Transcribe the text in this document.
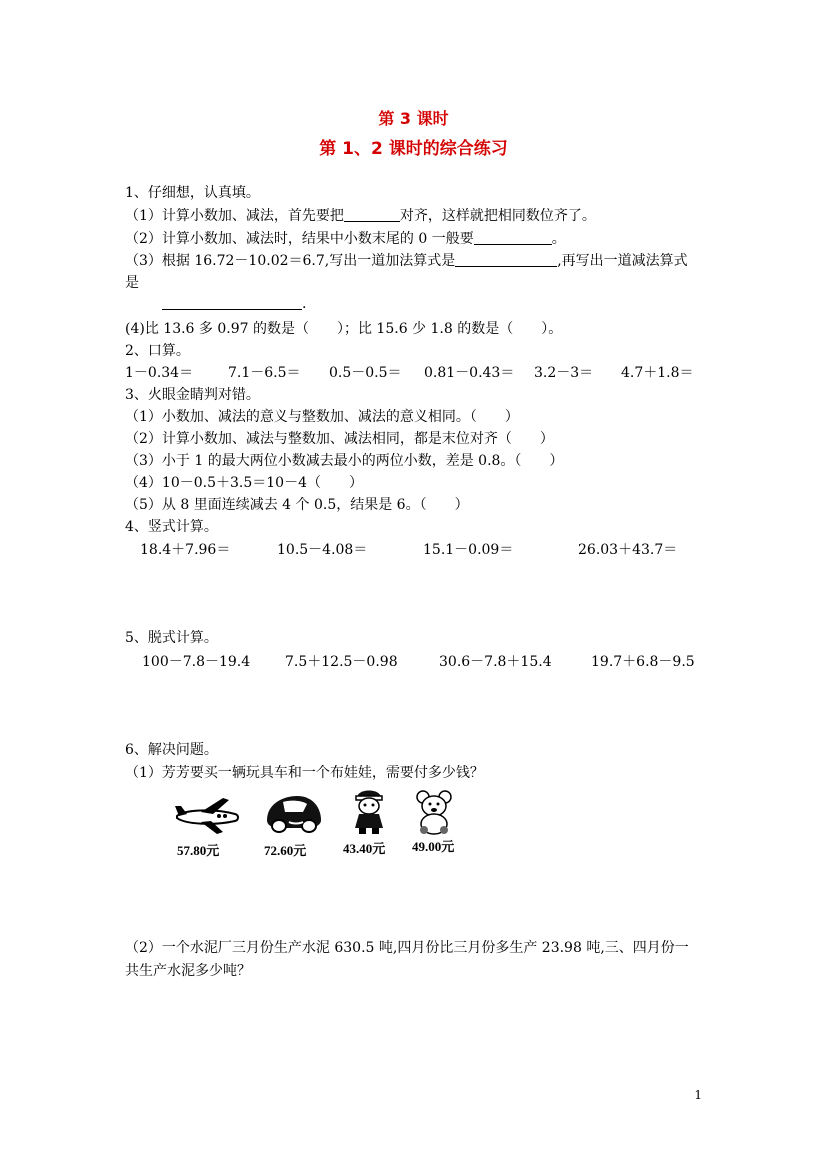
第 3 课时
第 1、2 课时的综合练习
1、仔细想，认真填。
（1）计算小数加、减法，首先要把	对齐，这样就把相同数位齐了。
（2）计算小数加、减法时，结果中小数末尾的 0 一般要	。
（3）根据 16.72－10.02＝6.7,写出一道加法算式是	,再写出一道减法算式
是
.
(4)比 13.6 多 0.97 的数是（　　）；比 15.6 少 1.8 的数是（　　）。
2、口算。
1－0.34＝ 7.1－6.5＝ 0.5－0.5＝ 0.81－0.43＝ 3.2－3＝ 4.7＋1.8＝
3、火眼金睛判对错。
（1）小数加、减法的意义与整数加、减法的意义相同。（　　）
（2）计算小数加、减法与整数加、减法相同，都是末位对齐（　　）
（3）小于 1 的最大两位小数减去最小的两位小数，差是 0.8。（　　）
（4）10－0.5＋3.5＝10－4（　　）
（5）从 8 里面连续减去 4 个 0.5，结果是 6。（　　）
4、竖式计算。
18.4＋7.96＝	10.5－4.08＝	15.1－0.09＝	26.03＋43.7＝
5、脱式计算。
100－7.8－19.4 7.5＋12.5－0.98	30.6－7.8＋15.4	19.7＋6.8－9.5
6、解决问题。
（1）芳芳要买一辆玩具车和一个布娃娃，需要付多少钱？
57.80元	72.60元	43.40元 49.00元
（2）一个水泥厂三月份生产水泥 630.5 吨,四月份比三月份多生产 23.98 吨,三、四月份一
共生产水泥多少吨？
1
